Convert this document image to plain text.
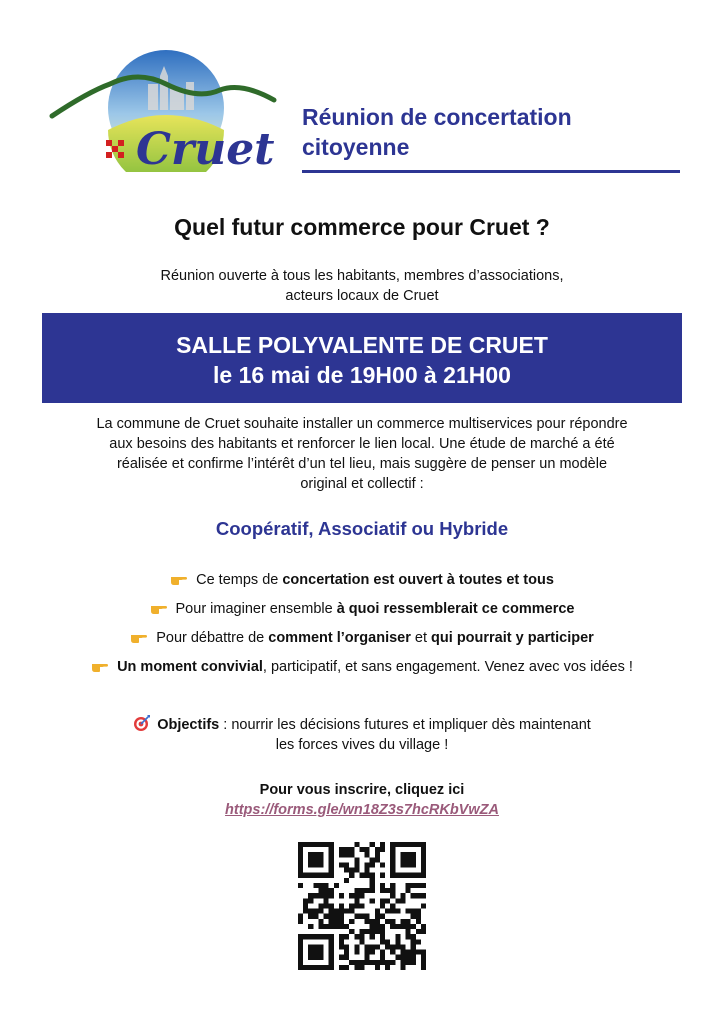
Cruet
Réunion de concertation
citoyenne
Quel futur commerce pour Cruet ?
Réunion ouverte à tous les habitants, membres d’associations,
acteurs locaux de Cruet
SALLE POLYVALENTE DE CRUET
le 16 mai de 19H00 à 21H00
La commune de Cruet souhaite installer un commerce multiservices pour répondre
aux besoins des habitants et renforcer le lien local. Une étude de marché a été
réalisée et confirme l’intérêt d’un tel lieu, mais suggère de penser un modèle
original et collectif :
Coopératif, Associatif ou Hybride
Ce temps de concertation est ouvert à toutes et tous
Pour imaginer ensemble à quoi ressemblerait ce commerce
Pour débattre de comment l’organiser et qui pourrait y participer
Un moment convivial, participatif, et sans engagement. Venez avec vos idées !
Objectifs : nourrir les décisions futures et impliquer dès maintenant
les forces vives du village !
Pour vous inscrire, cliquez ici
https://forms.gle/wn18Z3s7hcRKbVwZA
